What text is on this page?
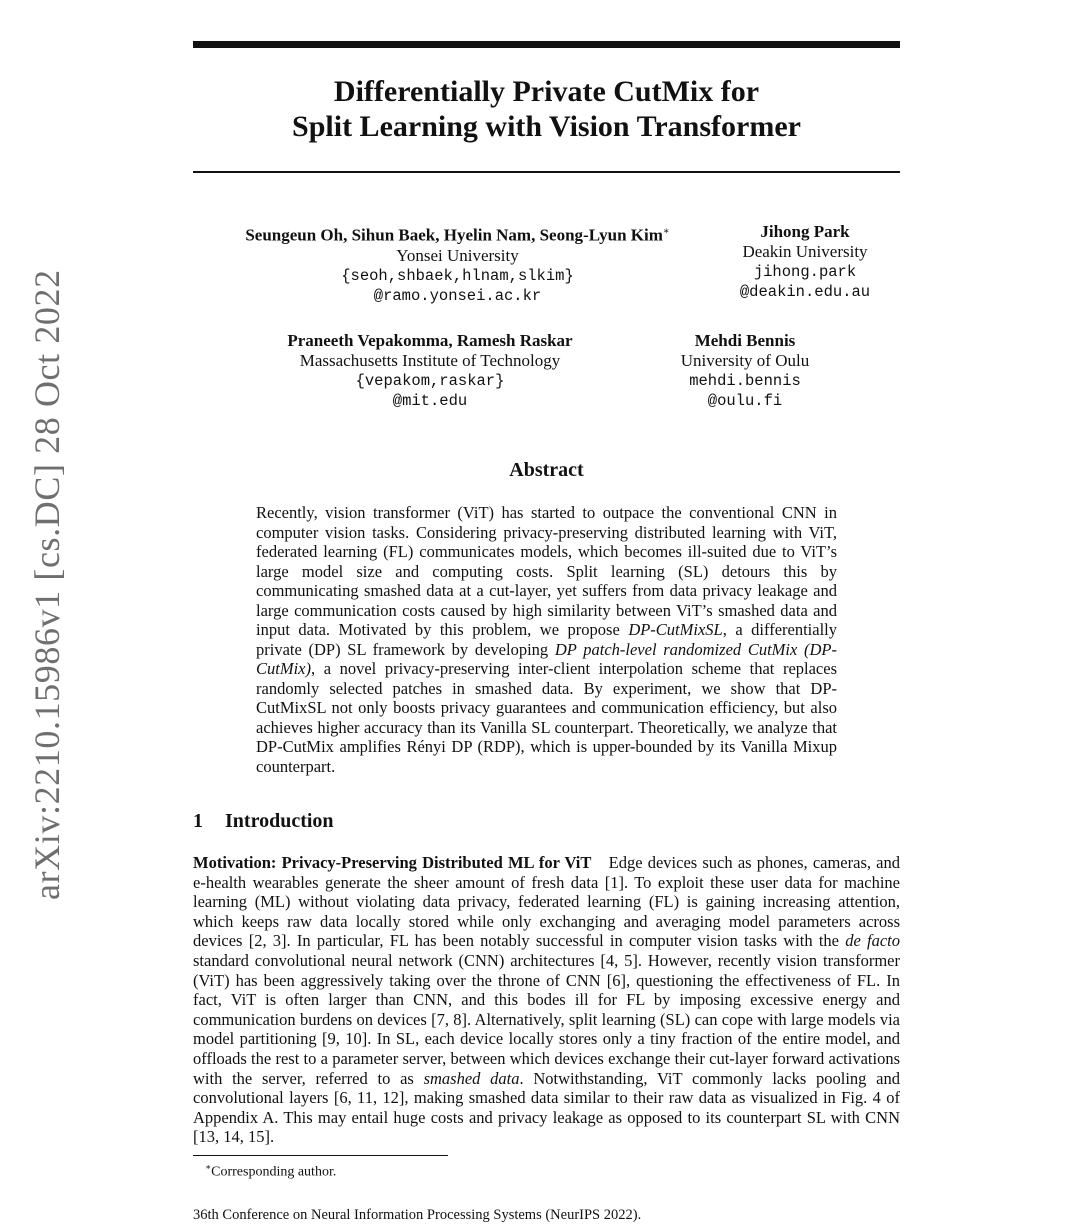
arXiv:2210.15986v1 [cs.DC] 28 Oct 2022
Differentially Private CutMix for
Split Learning with Vision Transformer
Seungeun Oh, Sihun Baek, Hyelin Nam, Seong-Lyun Kim∗
Yonsei University
{seoh,shbaek,hlnam,slkim}
@ramo.yonsei.ac.kr
Jihong Park
Deakin University
jihong.park
@deakin.edu.au
Praneeth Vepakomma, Ramesh Raskar
Massachusetts Institute of Technology
{vepakom,raskar}
@mit.edu
Mehdi Bennis
University of Oulu
mehdi.bennis
@oulu.fi
Abstract
Recently, vision transformer (ViT) has started to outpace the conventional CNN in computer vision tasks. Considering privacy-preserving distributed learning with ViT, federated learning (FL) communicates models, which becomes ill-suited due to ViT’s large model size and computing costs. Split learning (SL) detours this by communicating smashed data at a cut-layer, yet suffers from data privacy leakage and large communication costs caused by high similarity between ViT’s smashed data and input data. Motivated by this problem, we propose DP-CutMixSL, a differentially private (DP) SL framework by developing DP patch-level randomized CutMix (DP-CutMix), a novel privacy-preserving inter-client interpolation scheme that replaces randomly selected patches in smashed data. By experiment, we show that DP-CutMixSL not only boosts privacy guarantees and communication efficiency, but also achieves higher accuracy than its Vanilla SL counterpart. Theoretically, we analyze that DP-CutMix amplifies Rényi DP (RDP), which is upper-bounded by its Vanilla Mixup counterpart.
1 Introduction
Motivation: Privacy-Preserving Distributed ML for ViT Edge devices such as phones, cameras, and e-health wearables generate the sheer amount of fresh data [1]. To exploit these user data for machine learning (ML) without violating data privacy, federated learning (FL) is gaining increasing attention, which keeps raw data locally stored while only exchanging and averaging model parameters across devices [2, 3]. In particular, FL has been notably successful in computer vision tasks with the de facto standard convolutional neural network (CNN) architectures [4, 5]. However, recently vision transformer (ViT) has been aggressively taking over the throne of CNN [6], questioning the effectiveness of FL. In fact, ViT is often larger than CNN, and this bodes ill for FL by imposing excessive energy and communication burdens on devices [7, 8]. Alternatively, split learning (SL) can cope with large models via model partitioning [9, 10]. In SL, each device locally stores only a tiny fraction of the entire model, and offloads the rest to a parameter server, between which devices exchange their cut-layer forward activations with the server, referred to as smashed data. Notwithstanding, ViT commonly lacks pooling and convolutional layers [6, 11, 12], making smashed data similar to their raw data as visualized in Fig. 4 of Appendix A. This may entail huge costs and privacy leakage as opposed to its counterpart SL with CNN [13, 14, 15].
∗Corresponding author.
36th Conference on Neural Information Processing Systems (NeurIPS 2022).
